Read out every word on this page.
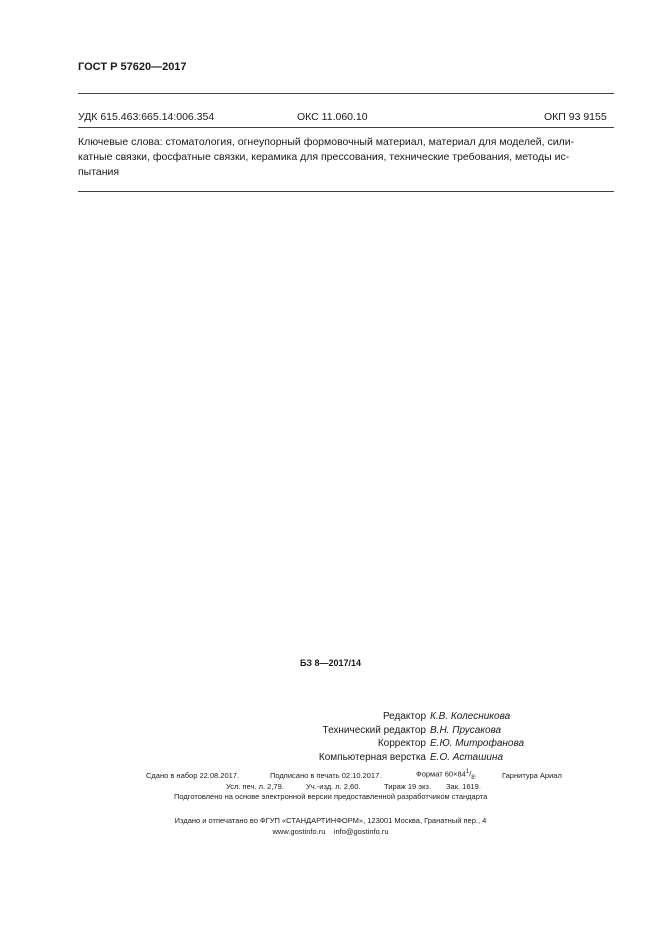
ГОСТ Р 57620—2017
УДК 615.463:665.14:006.354	ОКС 11.060.10	ОКП 93 9155
Ключевые слова: стоматология, огнеупорный формовочный материал, материал для моделей, сили-
катные связки, фосфатные связки, керамика для прессования, технические требования, методы ис-
пытания
БЗ 8—2017/14
Редактор К.В. Колесникова
Технический редактор В.Н. Прусакова
Корректор Е.Ю. Митрофанова
Компьютерная верстка Е.О. Асташина
Сдано в набор 22.08.2017.	Подписано в печать 02.10.2017.	Формат $60\times 84^1/_8$.	Гарнитура Ариал
Усл. печ. л. 2,79.	Уч.-изд. л. 2,60.	Тираж 19 экз. Зак. 1619.
Подготовлено на основе электронной версии предоставленной разработчиком стандарта
Издано и отпечатано во ФГУП «СТАНДАРТИНФОРМ», 123001 Москва, Гранатный пер., 4
www.gostinfo.ru info@gostinfo.ru
